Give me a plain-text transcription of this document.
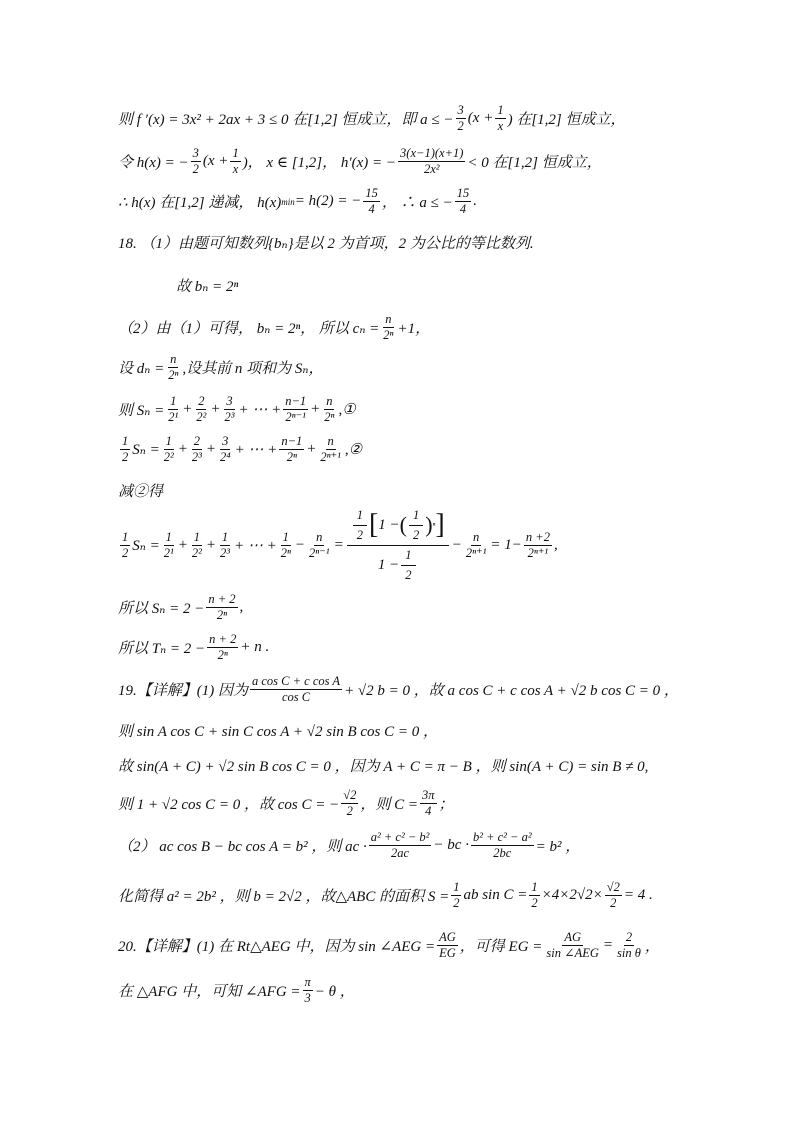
则 f ′(x) = 3x² + 2ax + 3 ≤ 0 在[1,2] 恒成立，即 a ≤ − $\frac{3}{2} (x + \frac{1}{x}$ ) 在[1,2] 恒成立，
令 h(x) = − $\frac{3}{2} (x + \frac{1}{x}$ )， x ∈ [1,2]， h′(x) = − $\frac{3(x-1)(x+1)}{\text{2x²}} < 0$ 在[1,2] 恒成立，
∴ h(x) 在[1,2] 递减， h(x) min = h(2) = − $\frac{15}{4}$ ， ∴ a ≤ − $\frac{15}{4}$ .
18. （1）由题可知数列{bₙ}是以 2 为首项，2 为公比的等比数列.
故 bₙ = 2ⁿ
（2）由（1）可得， bₙ = 2ⁿ， 所以 $c_n = \frac{n}{\text{2ⁿ}} +1$，
设 $d_n = \frac{n}{\text{2ⁿ}}$ ,设其前 n 项和为 Sₙ，
则 $S_n = \frac{1}{\text{2¹}} + \frac{2}{\text{2²}} + \frac{3}{\text{2³}}$ + ⋯ + $\frac{n-1}{\text{2ⁿ⁻¹}} + \frac{n}{\text{2ⁿ}}$ ,①
$\frac{1}{2}$ $S_n = \frac{1}{\text{2²}} + \frac{2}{\text{2³}} + \frac{3}{\text{2⁴}}$ + ⋯ + $\frac{n-1}{\text{2ⁿ}} + \frac{n}{\text{2ⁿ⁺¹}}$ ,②
减②得
$\frac{1}{2}$ $S_n = \frac{1}{\text{2¹}} + \frac{1}{\text{2²}} + \frac{1}{\text{2³}}$ + ⋯ + $\frac{1}{\text{2ⁿ}} - \frac{n}{\text{2ⁿ⁻¹}}$ =
$\frac{1}{2}$ [ 1 − ( $\frac{1}{2}$ ) ⁿ ]
$1 - \frac{1}{2}$
− $\frac{n}{\text{2ⁿ⁺¹}} = 1- \frac{n +2}{\text{2ⁿ⁺¹}}$ ,
所以 $S_n = 2 - \frac{n + 2}{\text{2ⁿ}}$ ,
所以 $T_n = 2 - \frac{n + 2}{\text{2ⁿ}} + n$ .
19.【详解】(1) 因为 $\frac{\text{a cos C + c cos A}}{\text{cos C}} + √2$ b = 0 ，故 a cos C + c cos A + √2 b cos C = 0 ，
则 sin A cos C + sin C cos A + √2 sin B cos C = 0 ，
故 sin(A + C) + √2 sin B cos C = 0 ，因为 A + C = π − B ，则 sin(A + C) = sin B ≠ 0,
则 1 + √2 cos C = 0 ，故 cos C = − $\frac{√2}{2}$ ，则 $C = \frac{3\pi}{4}$ ；
（2） ac cos B − bc cos A = b² ，则 ac · $\frac{\text{a² + c² − b²}}{2ac}$ − bc · $\frac{\text{b² + c² − a²}}{2bc} = b^2$ ，
化简得 a² = 2b² ，则 b = 2√2 ，故△ABC 的面积 $S = \frac{1}{2}$ ab $\sin C = \frac{1}{2} \times 4\times 2√2\times \frac{√2}{2} = 4$ .
20.【详解】(1) 在 Rt△AEG 中，因为 sin ∠AEG = $\frac{AG}{EG}$ ，可得 EG = $\frac{AG}{\text{sin ∠AEG}} = \frac{2}{\text{sin θ}}$ ，
在 △AFG 中，可知 ∠AFG = $\frac{\pi}{3} - \theta$ ，
